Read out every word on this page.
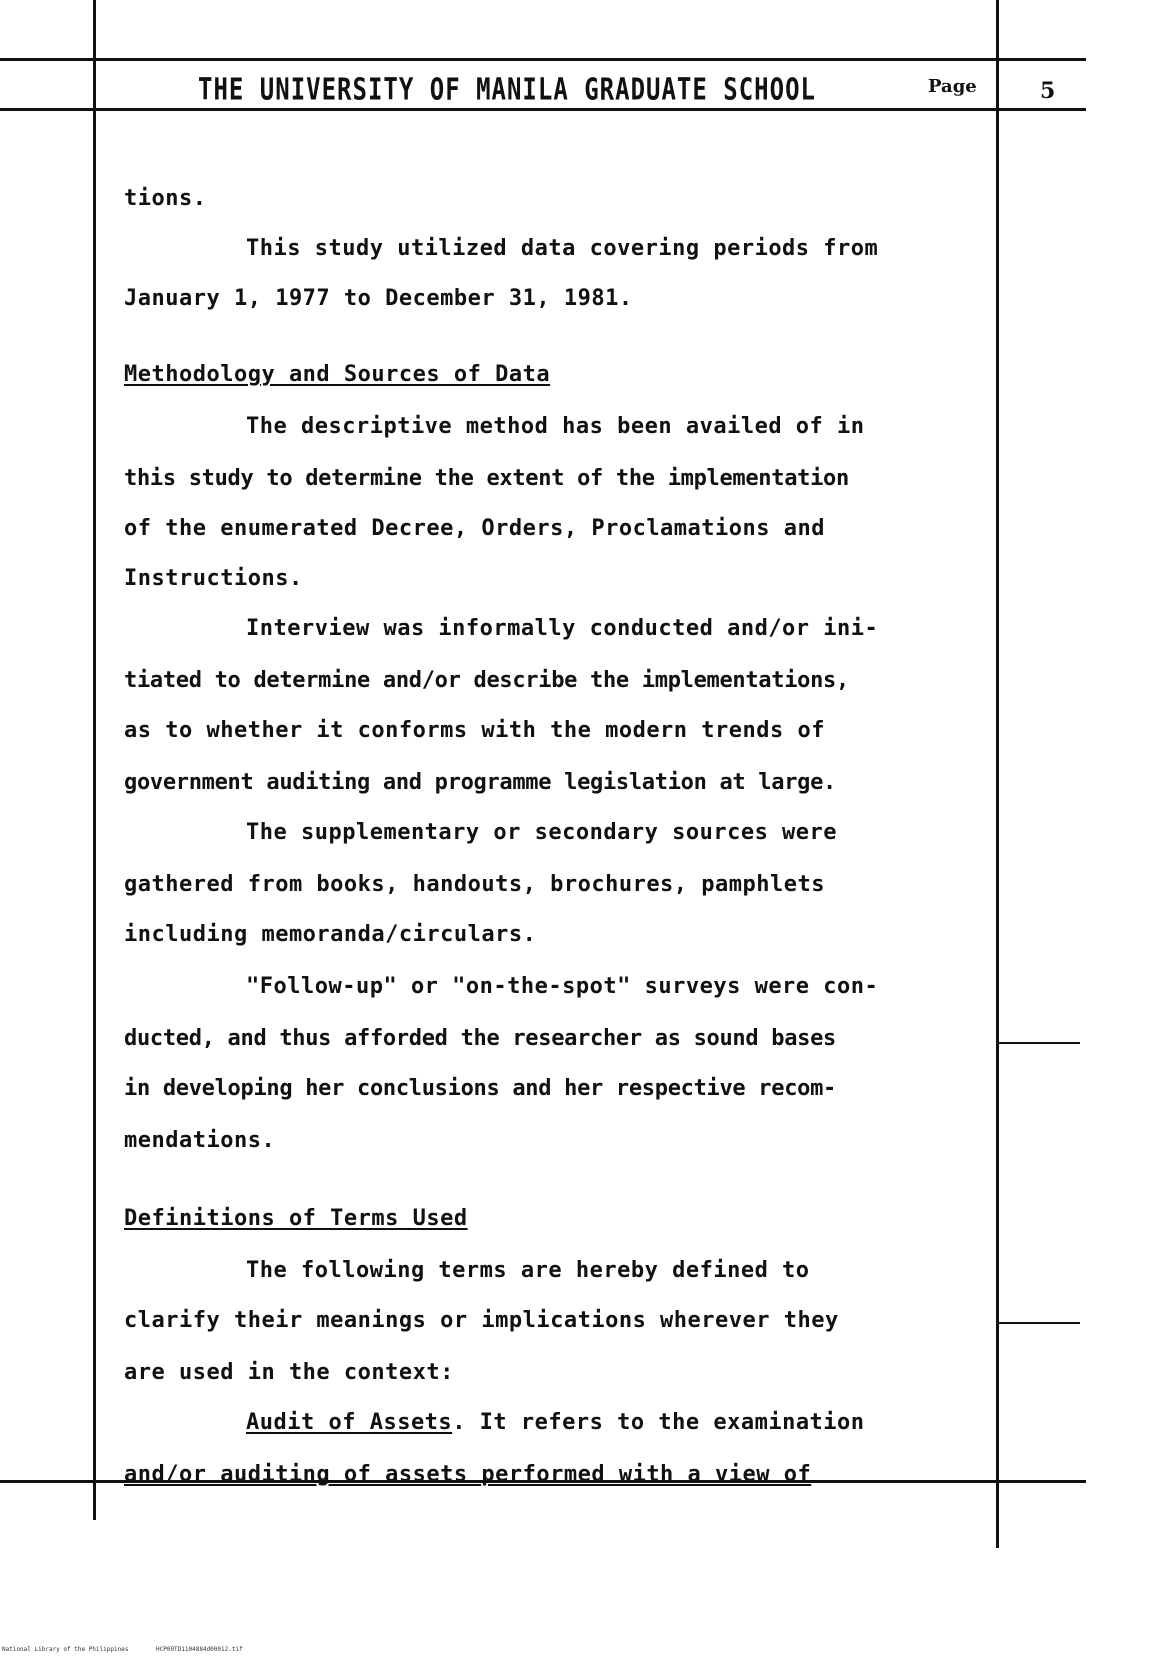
THE UNIVERSITY OF MANILA GRADUATE SCHOOL	Page	5
tions.
This study utilized data covering periods from
January 1, 1977 to December 31, 1981.
Methodology and Sources of Data
The descriptive method has been availed of in
this study to determine the extent of the implementation
of the enumerated Decree, Orders, Proclamations and
Instructions.
Interview was informally conducted and/or ini-
tiated to determine and/or describe the implementations,
as to whether it conforms with the modern trends of
government auditing and programme legislation at large.
The supplementary or secondary sources were
gathered from books, handouts, brochures, pamphlets
including memoranda/circulars.
"Follow-up" or "on-the-spot" surveys were con-
ducted, and thus afforded the researcher as sound bases
in developing her conclusions and her respective recom-
mendations.
Definitions of Terms Used
The following terms are hereby defined to
clarify their meanings or implications wherever they
are used in the context:
Audit of Assets. It refers to the examination
and/or auditing of assets performed with a view of
National Library of the Philippines	HCP00TD1104884d00012.tif
